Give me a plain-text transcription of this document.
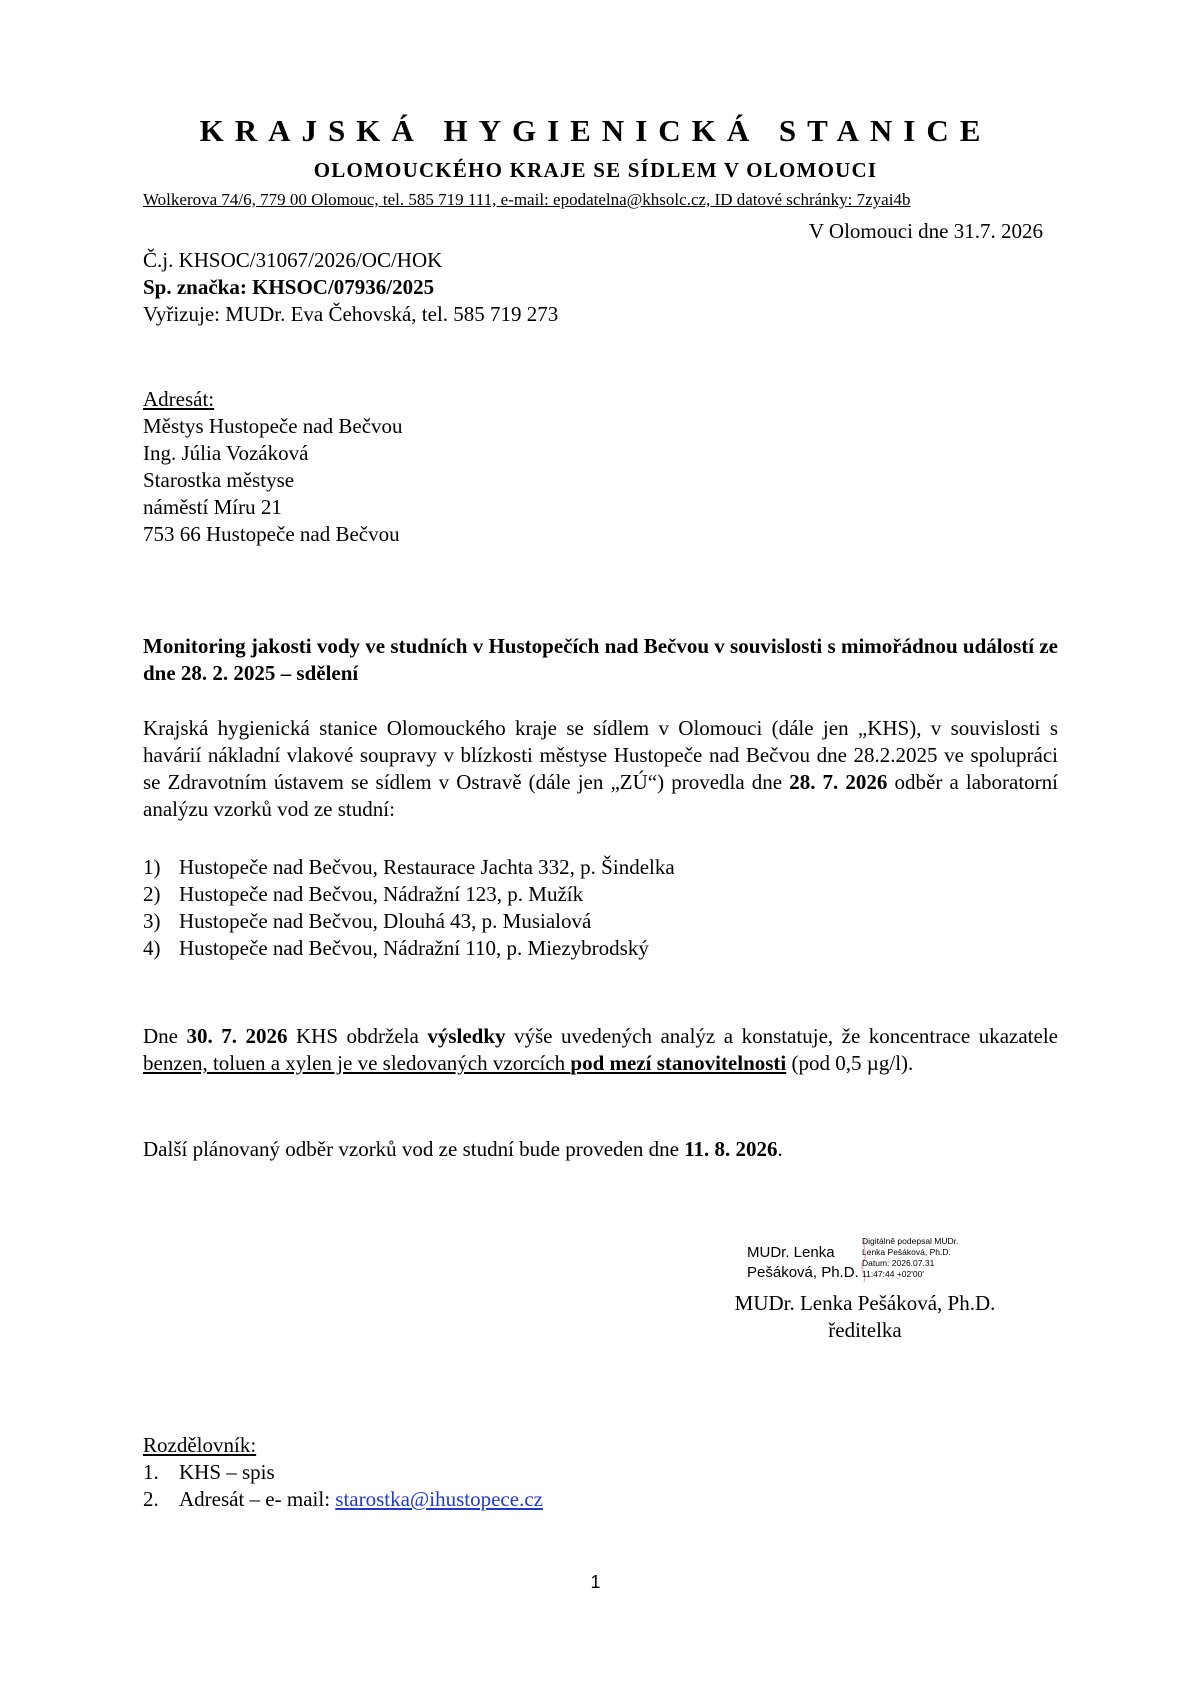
KRAJSKÁ HYGIENICKÁ STANICE
OLOMOUCKÉHO KRAJE SE SÍDLEM V OLOMOUCI
Wolkerova 74/6, 779 00 Olomouc, tel. 585 719 111, e-mail: epodatelna@khsolc.cz, ID datové schránky: 7zyai4b
V Olomouci dne 31.7. 2026
Č.j. KHSOC/31067/2026/OC/HOK
Sp. značka: KHSOC/07936/2025
Vyřizuje: MUDr. Eva Čehovská, tel. 585 719 273
Adresát:
Městys Hustopeče nad Bečvou
Ing. Júlia Vozáková
Starostka městyse
náměstí Míru 21
753 66 Hustopeče nad Bečvou
Monitoring jakosti vody ve studních v Hustopečích nad Bečvou v souvislosti s mimořádnou událostí ze dne 28. 2. 2025 – sdělení
Krajská hygienická stanice Olomouckého kraje se sídlem v Olomouci (dále jen „KHS), v souvislosti s havárií nákladní vlakové soupravy v blízkosti městyse Hustopeče nad Bečvou dne 28.2.2025 ve spolupráci se Zdravotním ústavem se sídlem v Ostravě (dále jen „ZÚ“) provedla dne 28. 7. 2026 odběr a laboratorní analýzu vzorků vod ze studní:
1) Hustopeče nad Bečvou, Restaurace Jachta 332, p. Šindelka
2) Hustopeče nad Bečvou, Nádražní 123, p. Mužík
3) Hustopeče nad Bečvou, Dlouhá 43, p. Musialová
4) Hustopeče nad Bečvou, Nádražní 110, p. Miezybrodský
Dne 30. 7. 2026 KHS obdržela výsledky výše uvedených analýz a konstatuje, že koncentrace ukazatele benzen, toluen a xylen je ve sledovaných vzorcích pod mezí stanovitelnosti (pod 0,5 µg/l).
Další plánovaný odběr vzorků vod ze studní bude proveden dne 11. 8. 2026.
MUDr. Lenka
Pešáková, Ph.D.
Digitálně podepsal MUDr.
Lenka Pešáková, Ph.D.
Datum: 2026.07.31
11:47:44 +02'00'
MUDr. Lenka Pešáková, Ph.D.
ředitelka
Rozdělovník:
1. KHS – spis
2. Adresát – e- mail: starostka@ihustopece.cz
1
